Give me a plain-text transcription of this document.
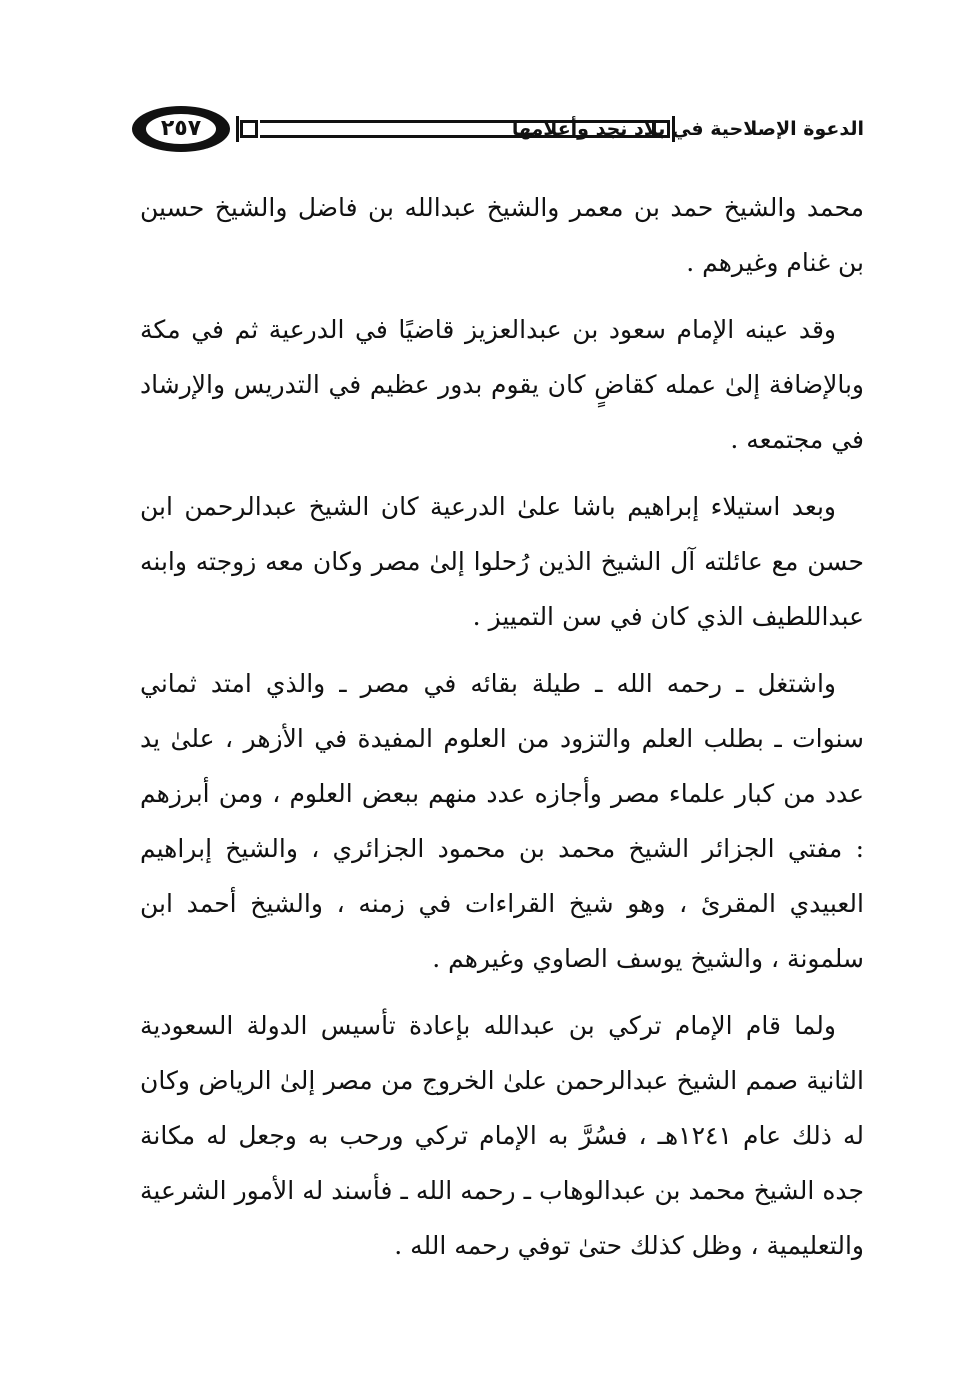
٢٥٧	الدعوة الإصلاحية في بلاد نجد وأعلامها

محمد والشيخ حمد بن معمر والشيخ عبدالله بن فاضل والشيخ حسين بن غنام وغيرهم .

وقد عينه الإمام سعود بن عبدالعزيز قاضيًا في الدرعية ثم في مكة وبالإضافة إلىٰ عمله كقاضٍ كان يقوم بدور عظيم في التدريس والإرشاد في مجتمعه .

وبعد استيلاء إبراهيم باشا علىٰ الدرعية كان الشيخ عبدالرحمن ابن حسن مع عائلته آل الشيخ الذين رُحلوا إلىٰ مصر وكان معه زوجته وابنه عبداللطيف الذي كان في سن التمييز .

واشتغل ـ رحمه الله ـ طيلة بقائه في مصر ـ والذي امتد ثماني سنوات ـ بطلب العلم والتزود من العلوم المفيدة في الأزهر ، علىٰ يد عدد من كبار علماء مصر وأجازه عدد منهم ببعض العلوم ، ومن أبرزهم : مفتي الجزائر الشيخ محمد بن محمود الجزائري ، والشيخ إبراهيم العبيدي المقرئ ، وهو شيخ القراءات في زمنه ، والشيخ أحمد ابن سلمونة ، والشيخ يوسف الصاوي وغيرهم .

ولما قام الإمام تركي بن عبدالله بإعادة تأسيس الدولة السعودية الثانية صمم الشيخ عبدالرحمن علىٰ الخروج من مصر إلىٰ الرياض وكان له ذلك عام ١٢٤١هـ ، فسُرَّ به الإمام تركي ورحب به وجعل له مكانة جده الشيخ محمد بن عبدالوهاب ـ رحمه الله ـ فأسند له الأمور الشرعية والتعليمية ، وظل كذلك حتىٰ توفي رحمه الله .
